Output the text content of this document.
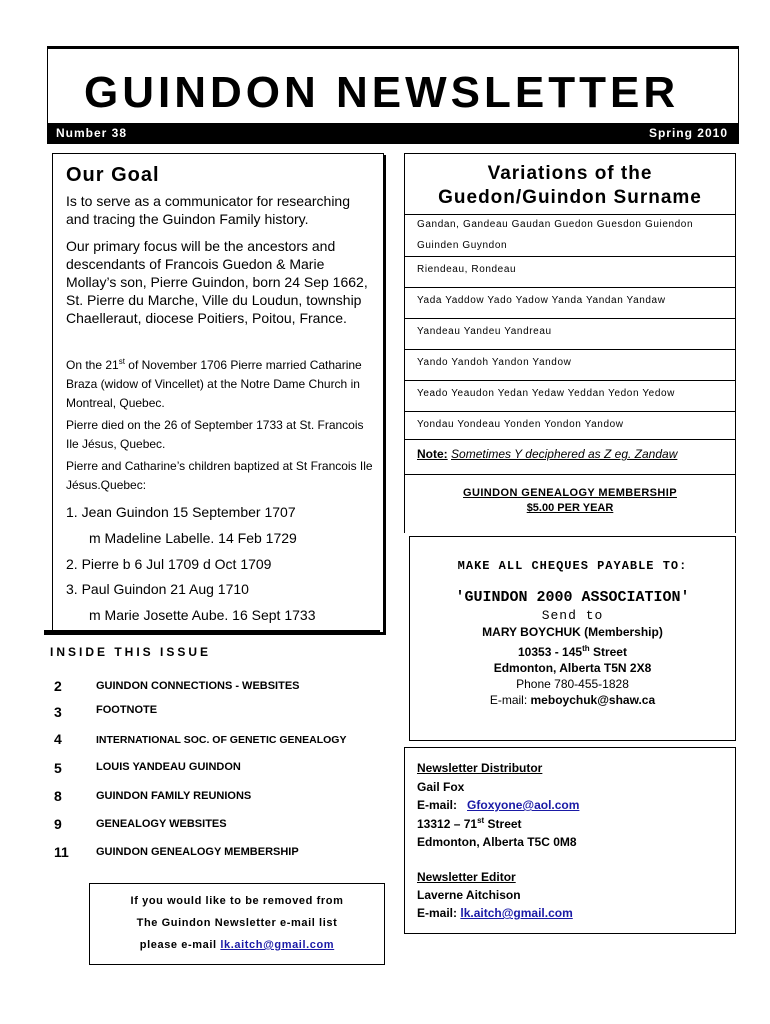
GUINDON NEWSLETTER
Number 38	Spring 2010
Our Goal
Is to serve as a communicator for researching and tracing the Guindon Family history.
Our primary focus will be the ancestors and descendants of Francois Guedon & Marie Mollay’s son, Pierre Guindon, born 24 Sep 1662, St. Pierre du Marche, Ville du Loudun, township Chaelleraut, diocese Poitiers, Poitou, France.
On the 21st of November 1706 Pierre married Catharine Braza (widow of Vincellet) at the Notre Dame Church in Montreal, Quebec.
Pierre died on the 26 of September 1733 at St. Francois Ile Jésus, Quebec.
Pierre and Catharine’s children baptized at St Francois Ile Jésus.Quebec:
1. Jean Guindon 15 September 1707
m Madeline Labelle. 14 Feb 1729
2. Pierre b 6 Jul 1709 d Oct 1709
3. Paul Guindon 21 Aug 1710
m Marie Josette Aube. 16 Sept 1733
INSIDE THIS ISSUE
2	GUINDON CONNECTIONS - WEBSITES
3	FOOTNOTE
4	INTERNATIONAL SOC. OF GENETIC GENEALOGY
5	LOUIS YANDEAU GUINDON
8	GUINDON FAMILY REUNIONS
9	GENEALOGY WEBSITES
11 GUINDON GENEALOGY MEMBERSHIP
If you would like to be removed from
The Guindon Newsletter e-mail list
please e-mail lk.aitch@gmail.com
Variations of the
Guedon/Guindon Surname
Gandan, Gandeau Gaudan Guedon Guesdon Guiendon
Guinden Guyndon
Riendeau, Rondeau
Yada Yaddow Yado Yadow Yanda Yandan Yandaw
Yandeau Yandeu Yandreau
Yando Yandoh Yandon Yandow
Yeado Yeaudon Yedan Yedaw Yeddan Yedon Yedow
Yondau Yondeau Yonden Yondon Yandow
Note: Sometimes Y deciphered as Z eg. Zandaw
GUINDON GENEALOGY MEMBERSHIP
$5.00 PER YEAR
MAKE ALL CHEQUES PAYABLE TO:
'GUINDON 2000 ASSOCIATION'
Send to
MARY BOYCHUK (Membership)
10353 - 145th Street
Edmonton, Alberta T5N 2X8
Phone 780-455-1828
E-mail: meboychuk@shaw.ca
Newsletter Distributor
Gail Fox
E-mail: Gfoxyone@aol.com
13312 – 71st Street
Edmonton, Alberta T5C 0M8
Newsletter Editor
Laverne Aitchison
E-mail: lk.aitch@gmail.com
